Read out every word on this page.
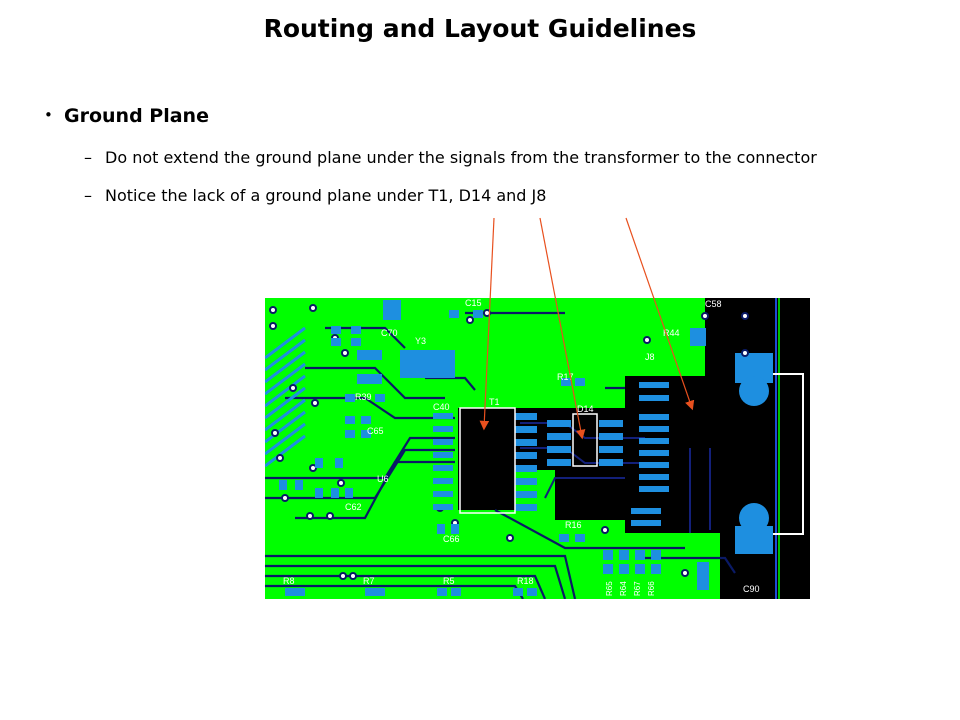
Routing and Layout Guidelines
• Ground Plane
– Do not extend the ground plane under the signals from the transformer to the connector
– Notice the lack of a ground plane under T1, D14 and J8
C15	C58
R44
J8
Y3
C70
R17
R39
C40	T1
D14
C65
U6
C62
C66
R16
R8	R7	R5	R18
C90
R65 R64 R67 R66
